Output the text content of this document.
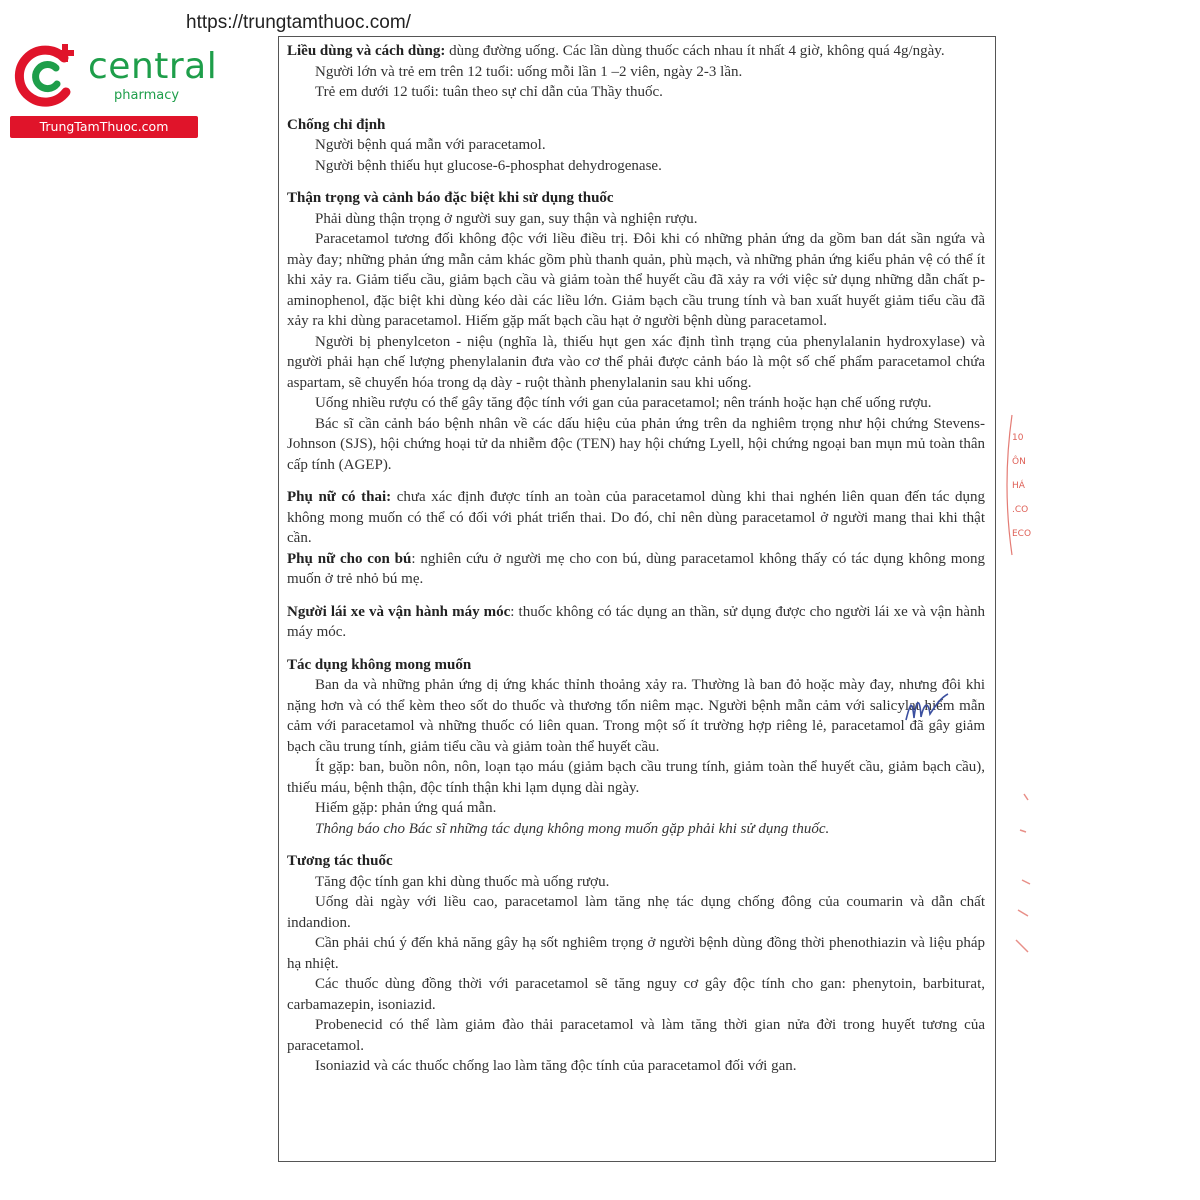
https://trungtamthuoc.com/
central
pharmacy
TrungTamThuoc.com

Liều dùng và cách dùng: dùng đường uống. Các lần dùng thuốc cách nhau ít nhất 4 giờ, không quá 4g/ngày.

Người lớn và trẻ em trên 12 tuổi: uống mỗi lần 1 –2 viên, ngày 2-3 lần.

Trẻ em dưới 12 tuổi: tuân theo sự chỉ dẫn của Thầy thuốc.

Chống chỉ định

Người bệnh quá mẫn với paracetamol.

Người bệnh thiếu hụt glucose-6-phosphat dehydrogenase.

Thận trọng và cảnh báo đặc biệt khi sử dụng thuốc

Phải dùng thận trọng ở người suy gan, suy thận và nghiện rượu.

Paracetamol tương đối không độc với liều điều trị. Đôi khi có những phản ứng da gồm ban dát sần ngứa và mày đay; những phản ứng mẫn cảm khác gồm phù thanh quản, phù mạch, và những phản ứng kiểu phản vệ có thể ít khi xảy ra. Giảm tiểu cầu, giảm bạch cầu và giảm toàn thể huyết cầu đã xảy ra với việc sử dụng những dẫn chất p-aminophenol, đặc biệt khi dùng kéo dài các liều lớn. Giảm bạch cầu trung tính và ban xuất huyết giảm tiểu cầu đã xảy ra khi dùng paracetamol. Hiếm gặp mất bạch cầu hạt ở người bệnh dùng paracetamol.

Người bị phenylceton - niệu (nghĩa là, thiếu hụt gen xác định tình trạng của phenylalanin hydroxylase) và người phải hạn chế lượng phenylalanin đưa vào cơ thể phải được cảnh báo là một số chế phẩm paracetamol chứa aspartam, sẽ chuyển hóa trong dạ dày - ruột thành phenylalanin sau khi uống.

Uống nhiều rượu có thể gây tăng độc tính với gan của paracetamol; nên tránh hoặc hạn chế uống rượu.

Bác sĩ cần cảnh báo bệnh nhân về các dấu hiệu của phản ứng trên da nghiêm trọng như hội chứng Stevens-Johnson (SJS), hội chứng hoại tử da nhiễm độc (TEN) hay hội chứng Lyell, hội chứng ngoại ban mụn mủ toàn thân cấp tính (AGEP).

Phụ nữ có thai: chưa xác định được tính an toàn của paracetamol dùng khi thai nghén liên quan đến tác dụng không mong muốn có thể có đối với phát triển thai. Do đó, chỉ nên dùng paracetamol ở người mang thai khi thật cần.

Phụ nữ cho con bú: nghiên cứu ở người mẹ cho con bú, dùng paracetamol không thấy có tác dụng không mong muốn ở trẻ nhỏ bú mẹ.

Người lái xe và vận hành máy móc: thuốc không có tác dụng an thần, sử dụng được cho người lái xe và vận hành máy móc.

Tác dụng không mong muốn

Ban da và những phản ứng dị ứng khác thỉnh thoảng xảy ra. Thường là ban đỏ hoặc mày đay, nhưng đôi khi nặng hơn và có thể kèm theo sốt do thuốc và thương tổn niêm mạc. Người bệnh mẫn cảm với salicylat hiếm mẫn cảm với paracetamol và những thuốc có liên quan. Trong một số ít trường hợp riêng lẻ, paracetamol đã gây giảm bạch cầu trung tính, giảm tiểu cầu và giảm toàn thể huyết cầu.

Ít gặp: ban, buồn nôn, nôn, loạn tạo máu (giảm bạch cầu trung tính, giảm toàn thể huyết cầu, giảm bạch cầu), thiếu máu, bệnh thận, độc tính thận khi lạm dụng dài ngày.

Hiếm gặp: phản ứng quá mẫn.

Thông báo cho Bác sĩ những tác dụng không mong muốn gặp phải khi sử dụng thuốc.

Tương tác thuốc

Tăng độc tính gan khi dùng thuốc mà uống rượu.

Uống dài ngày với liều cao, paracetamol làm tăng nhẹ tác dụng chống đông của coumarin và dẫn chất indandion.

Cần phải chú ý đến khả năng gây hạ sốt nghiêm trọng ở người bệnh dùng đồng thời phenothiazin và liệu pháp hạ nhiệt.

Các thuốc dùng đồng thời với paracetamol sẽ tăng nguy cơ gây độc tính cho gan: phenytoin, barbiturat, carbamazepin, isoniazid.

Probenecid có thể làm giảm đào thải paracetamol và làm tăng thời gian nửa đời trong huyết tương của paracetamol.

Isoniazid và các thuốc chống lao làm tăng độc tính của paracetamol đối với gan.

10
ÔN
HÁ
.CO
ECO
